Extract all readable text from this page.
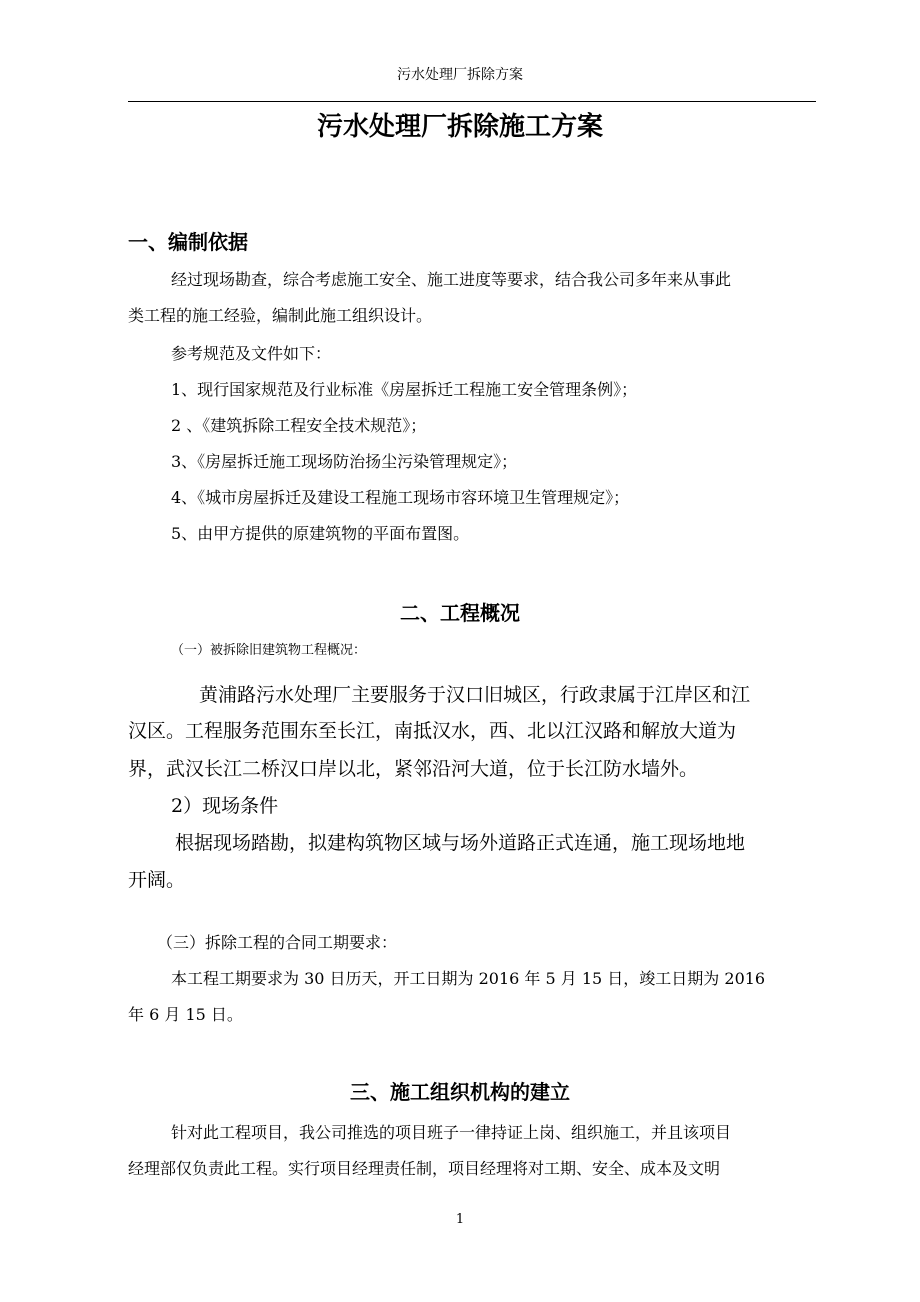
污水处理厂拆除方案
污水处理厂拆除施工方案
一、编制依据
经过现场勘查，综合考虑施工安全、施工进度等要求，结合我公司多年来从事此
类工程的施工经验，编制此施工组织设计。
参考规范及文件如下：
1、现行国家规范及行业标准《房屋拆迁工程施工安全管理条例》；
2 、《建筑拆除工程安全技术规范》；
3、《房屋拆迁施工现场防治扬尘污染管理规定》；
4、《城市房屋拆迁及建设工程施工现场市容环境卫生管理规定》；
5、由甲方提供的原建筑物的平面布置图。
二、工程概况
（一）被拆除旧建筑物工程概况：
黄浦路污水处理厂主要服务于汉口旧城区，行政隶属于江岸区和江
汉区。工程服务范围东至长江，南抵汉水，西、北以江汉路和解放大道为
界，武汉长江二桥汉口岸以北，紧邻沿河大道，位于长江防水墙外。
2）现场条件
根据现场踏勘，拟建构筑物区域与场外道路正式连通，施工现场地地
开阔。
（三）拆除工程的合同工期要求：
本工程工期要求为 30 日历天，开工日期为 2016 年 5 月 15 日，竣工日期为 2016
年 6 月 15 日。
三、施工组织机构的建立
针对此工程项目，我公司推选的项目班子一律持证上岗、组织施工，并且该项目
经理部仅负责此工程。实行项目经理责任制，项目经理将对工期、安全、成本及文明
1
